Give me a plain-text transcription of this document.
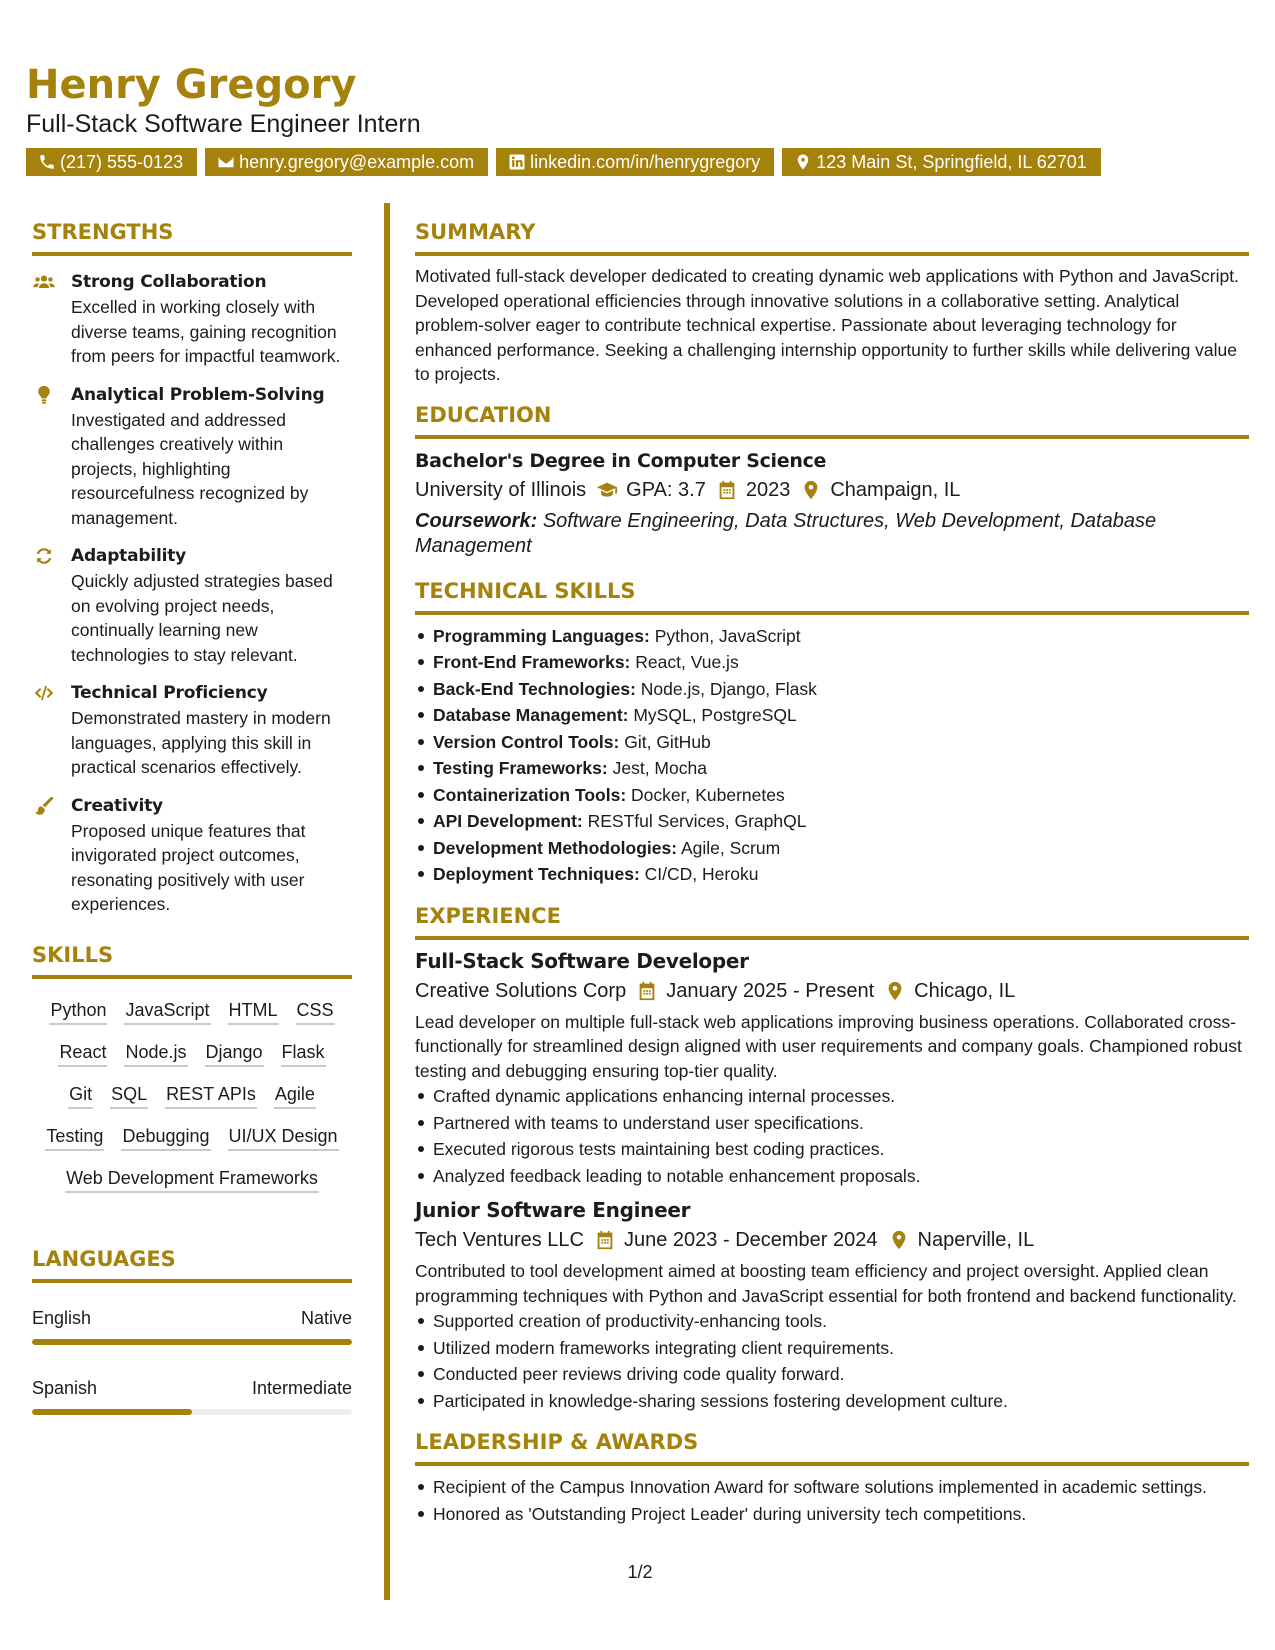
Henry Gregory
Full-Stack Software Engineer Intern
(217) 555-0123	henry.gregory@example.com	linkedin.com/in/henrygregory	123 Main St, Springfield, IL 62701
STRENGTHS
Strong Collaboration
Excelled in working closely with diverse teams, gaining recognition from peers for impactful teamwork.
Analytical Problem-Solving
Investigated and addressed challenges creatively within projects, highlighting resourcefulness recognized by management.
Adaptability
Quickly adjusted strategies based on evolving project needs, continually learning new technologies to stay relevant.
Technical Proficiency
Demonstrated mastery in modern languages, applying this skill in practical scenarios effectively.
Creativity
Proposed unique features that invigorated project outcomes, resonating positively with user experiences.
SKILLS
Python JavaScript HTML CSS
React Node.js Django Flask
Git SQL REST APIs Agile
Testing Debugging UI/UX Design
Web Development Frameworks
LANGUAGES
English	Native
Spanish	Intermediate
SUMMARY
Motivated full-stack developer dedicated to creating dynamic web applications with Python and JavaScript. Developed operational efficiencies through innovative solutions in a collaborative setting. Analytical problem-solver eager to contribute technical expertise. Passionate about leveraging technology for enhanced performance. Seeking a challenging internship opportunity to further skills while delivering value to projects.
EDUCATION
Bachelor's Degree in Computer Science
University of Illinois GPA: 3.7 2023 Champaign, IL
Coursework: Software Engineering, Data Structures, Web Development, Database Management
TECHNICAL SKILLS
Programming Languages: Python, JavaScript
Front-End Frameworks: React, Vue.js
Back-End Technologies: Node.js, Django, Flask
Database Management: MySQL, PostgreSQL
Version Control Tools: Git, GitHub
Testing Frameworks: Jest, Mocha
Containerization Tools: Docker, Kubernetes
API Development: RESTful Services, GraphQL
Development Methodologies: Agile, Scrum
Deployment Techniques: CI/CD, Heroku
EXPERIENCE
Full-Stack Software Developer
Creative Solutions Corp January 2025 - Present Chicago, IL
Lead developer on multiple full-stack web applications improving business operations. Collaborated cross-functionally for streamlined design aligned with user requirements and company goals. Championed robust testing and debugging ensuring top-tier quality.
Crafted dynamic applications enhancing internal processes.
Partnered with teams to understand user specifications.
Executed rigorous tests maintaining best coding practices.
Analyzed feedback leading to notable enhancement proposals.
Junior Software Engineer
Tech Ventures LLC June 2023 - December 2024 Naperville, IL
Contributed to tool development aimed at boosting team efficiency and project oversight. Applied clean programming techniques with Python and JavaScript essential for both frontend and backend functionality.
Supported creation of productivity-enhancing tools.
Utilized modern frameworks integrating client requirements.
Conducted peer reviews driving code quality forward.
Participated in knowledge-sharing sessions fostering development culture.
LEADERSHIP & AWARDS
Recipient of the Campus Innovation Award for software solutions implemented in academic settings.
Honored as 'Outstanding Project Leader' during university tech competitions.
1/2
